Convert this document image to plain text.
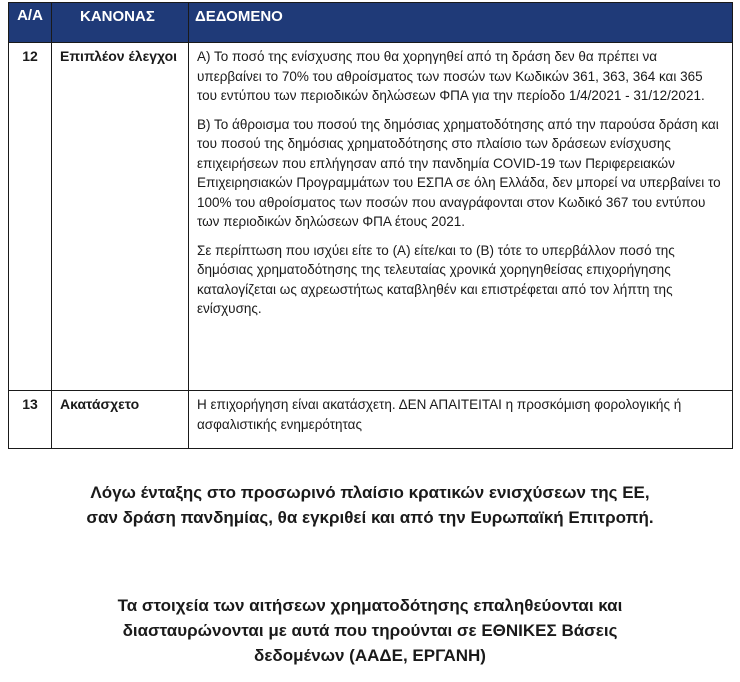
Α/Α	ΚΑΝΟΝΑΣ	ΔΕΔΟΜΕΝΟ
12	Επιπλέον έλεγχοι	Α) Το ποσό της ενίσχυσης που θα χορηγηθεί από τη δράση δεν θα πρέπει να υπερβαίνει το 70% του αθροίσματος των ποσών των Κωδικών 361, 363, 364 και 365 του εντύπου των περιοδικών δηλώσεων ΦΠΑ για την περίοδο 1/4/2021 - 31/12/2021.

Β) Το άθροισμα του ποσού της δημόσιας χρηματοδότησης από την παρούσα δράση και του ποσού της δημόσιας χρηματοδότησης στο πλαίσιο των δράσεων ενίσχυσης επιχειρήσεων που επλήγησαν από την πανδημία COVID-19 των Περιφερειακών Επιχειρησιακών Προγραμμάτων του ΕΣΠΑ σε όλη Ελλάδα, δεν μπορεί να υπερβαίνει το 100% του αθροίσματος των ποσών που αναγράφονται στον Κωδικό 367 του εντύπου των περιοδικών δηλώσεων ΦΠΑ έτους 2021.

Σε περίπτωση που ισχύει είτε το (Α) είτε/και το (Β) τότε το υπερβάλλον ποσό της δημόσιας χρηματοδότησης της τελευταίας χρονικά χορηγηθείσας επιχορήγησης καταλογίζεται ως αχρεωστήτως καταβληθέν και επιστρέφεται από τον λήπτη της ενίσχυσης.

13	Ακατάσχετο	Η επιχορήγηση είναι ακατάσχετη. ΔΕΝ ΑΠΑΙΤΕΙΤΑΙ η προσκόμιση φορολογικής ή ασφαλιστικής ενημερότητας

Λόγω ένταξης στο προσωρινό πλαίσιο κρατικών ενισχύσεων της ΕΕ,
σαν δράση πανδημίας, θα εγκριθεί και από την Ευρωπαϊκή Επιτροπή.
Τα στοιχεία των αιτήσεων χρηματοδότησης επαληθεύονται και
διασταυρώνονται με αυτά που τηρούνται σε ΕΘΝΙΚΕΣ Βάσεις
δεδομένων (ΑΑΔΕ, ΕΡΓΑΝΗ)
